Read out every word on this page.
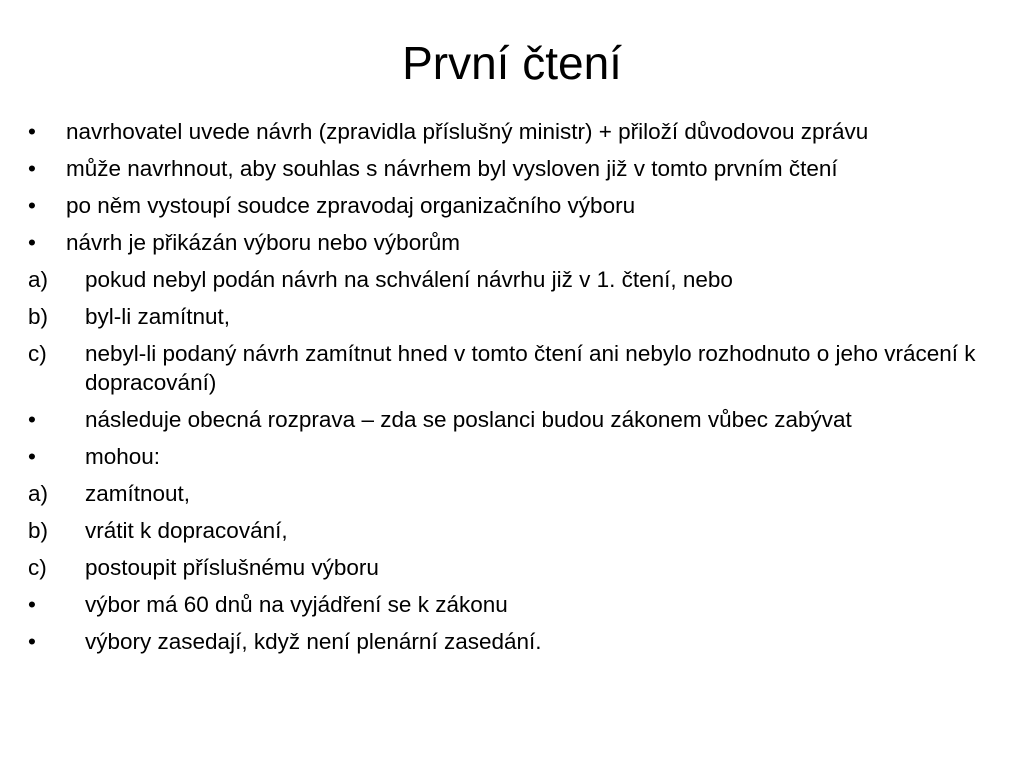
První čtení
•	navrhovatel uvede návrh (zpravidla příslušný ministr) + přiloží důvodovou zprávu
•	může navrhnout, aby souhlas s návrhem byl vysloven již v tomto prvním čtení
•	po něm vystoupí soudce zpravodaj organizačního výboru
•	návrh je přikázán výboru nebo výborům
a)	pokud nebyl podán návrh na schválení návrhu již v 1. čtení, nebo
b)	byl-li zamítnut,
c)	nebyl-li podaný návrh zamítnut hned v tomto čtení ani nebylo rozhodnuto o jeho vrácení k dopracování)
•	následuje obecná rozprava – zda se poslanci budou zákonem vůbec zabývat
•	mohou:
a)	zamítnout,
b)	vrátit k dopracování,
c)	postoupit příslušnému výboru
•	výbor má 60 dnů na vyjádření se k zákonu
•	výbory zasedají, když není plenární zasedání.
